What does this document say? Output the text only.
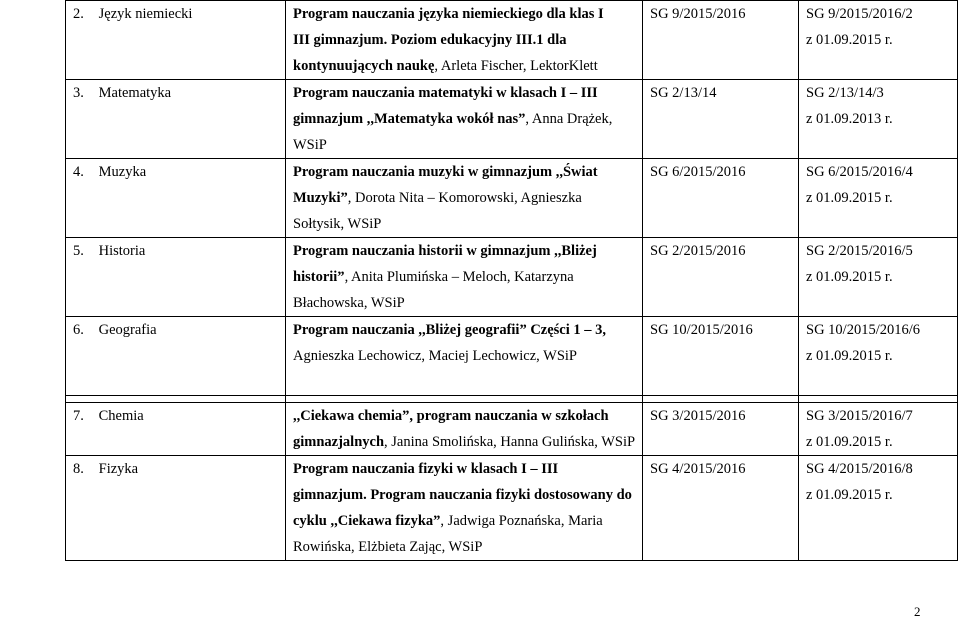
2. Język niemiecki	Program nauczania języka niemieckiego dla klas I
III gimnazjum. Poziom edukacyjny III.1 dla
kontynuujących naukę, Arleta Fischer, LektorKlett	SG 9/2015/2016	SG 9/2015/2016/2
z 01.09.2015 r.

3. Matematyka	Program nauczania matematyki w klasach I – III
gimnazjum ,,Matematyka wokół nas”, Anna Drążek,
WSiP	SG 2/13/14	SG 2/13/14/3
z 01.09.2013 r.

4. Muzyka	Program nauczania muzyki w gimnazjum ,,Świat
Muzyki”, Dorota Nita – Komorowski, Agnieszka
Sołtysik, WSiP	SG 6/2015/2016	SG 6/2015/2016/4
z 01.09.2015 r.

5. Historia	Program nauczania historii w gimnazjum ,,Bliżej
historii”, Anita Plumińska – Meloch, Katarzyna
Błachowska, WSiP	SG 2/2015/2016	SG 2/2015/2016/5
z 01.09.2015 r.

6. Geografia	Program nauczania ,,Bliżej geografii” Części 1 – 3,
Agnieszka Lechowicz, Maciej Lechowicz, WSiP	SG 10/2015/2016	SG 10/2015/2016/6
z 01.09.2015 r.

7. Chemia	,,Ciekawa chemia”, program nauczania w szkołach
gimnazjalnych, Janina Smolińska, Hanna Gulińska, WSiP	SG 3/2015/2016	SG 3/2015/2016/7
z 01.09.2015 r.

8. Fizyka	Program nauczania fizyki w klasach I – III
gimnazjum. Program nauczania fizyki dostosowany do
cyklu ,,Ciekawa fizyka”, Jadwiga Poznańska, Maria
Rowińska, Elżbieta Zając, WSiP	SG 4/2015/2016	SG 4/2015/2016/8
z 01.09.2015 r.
2
